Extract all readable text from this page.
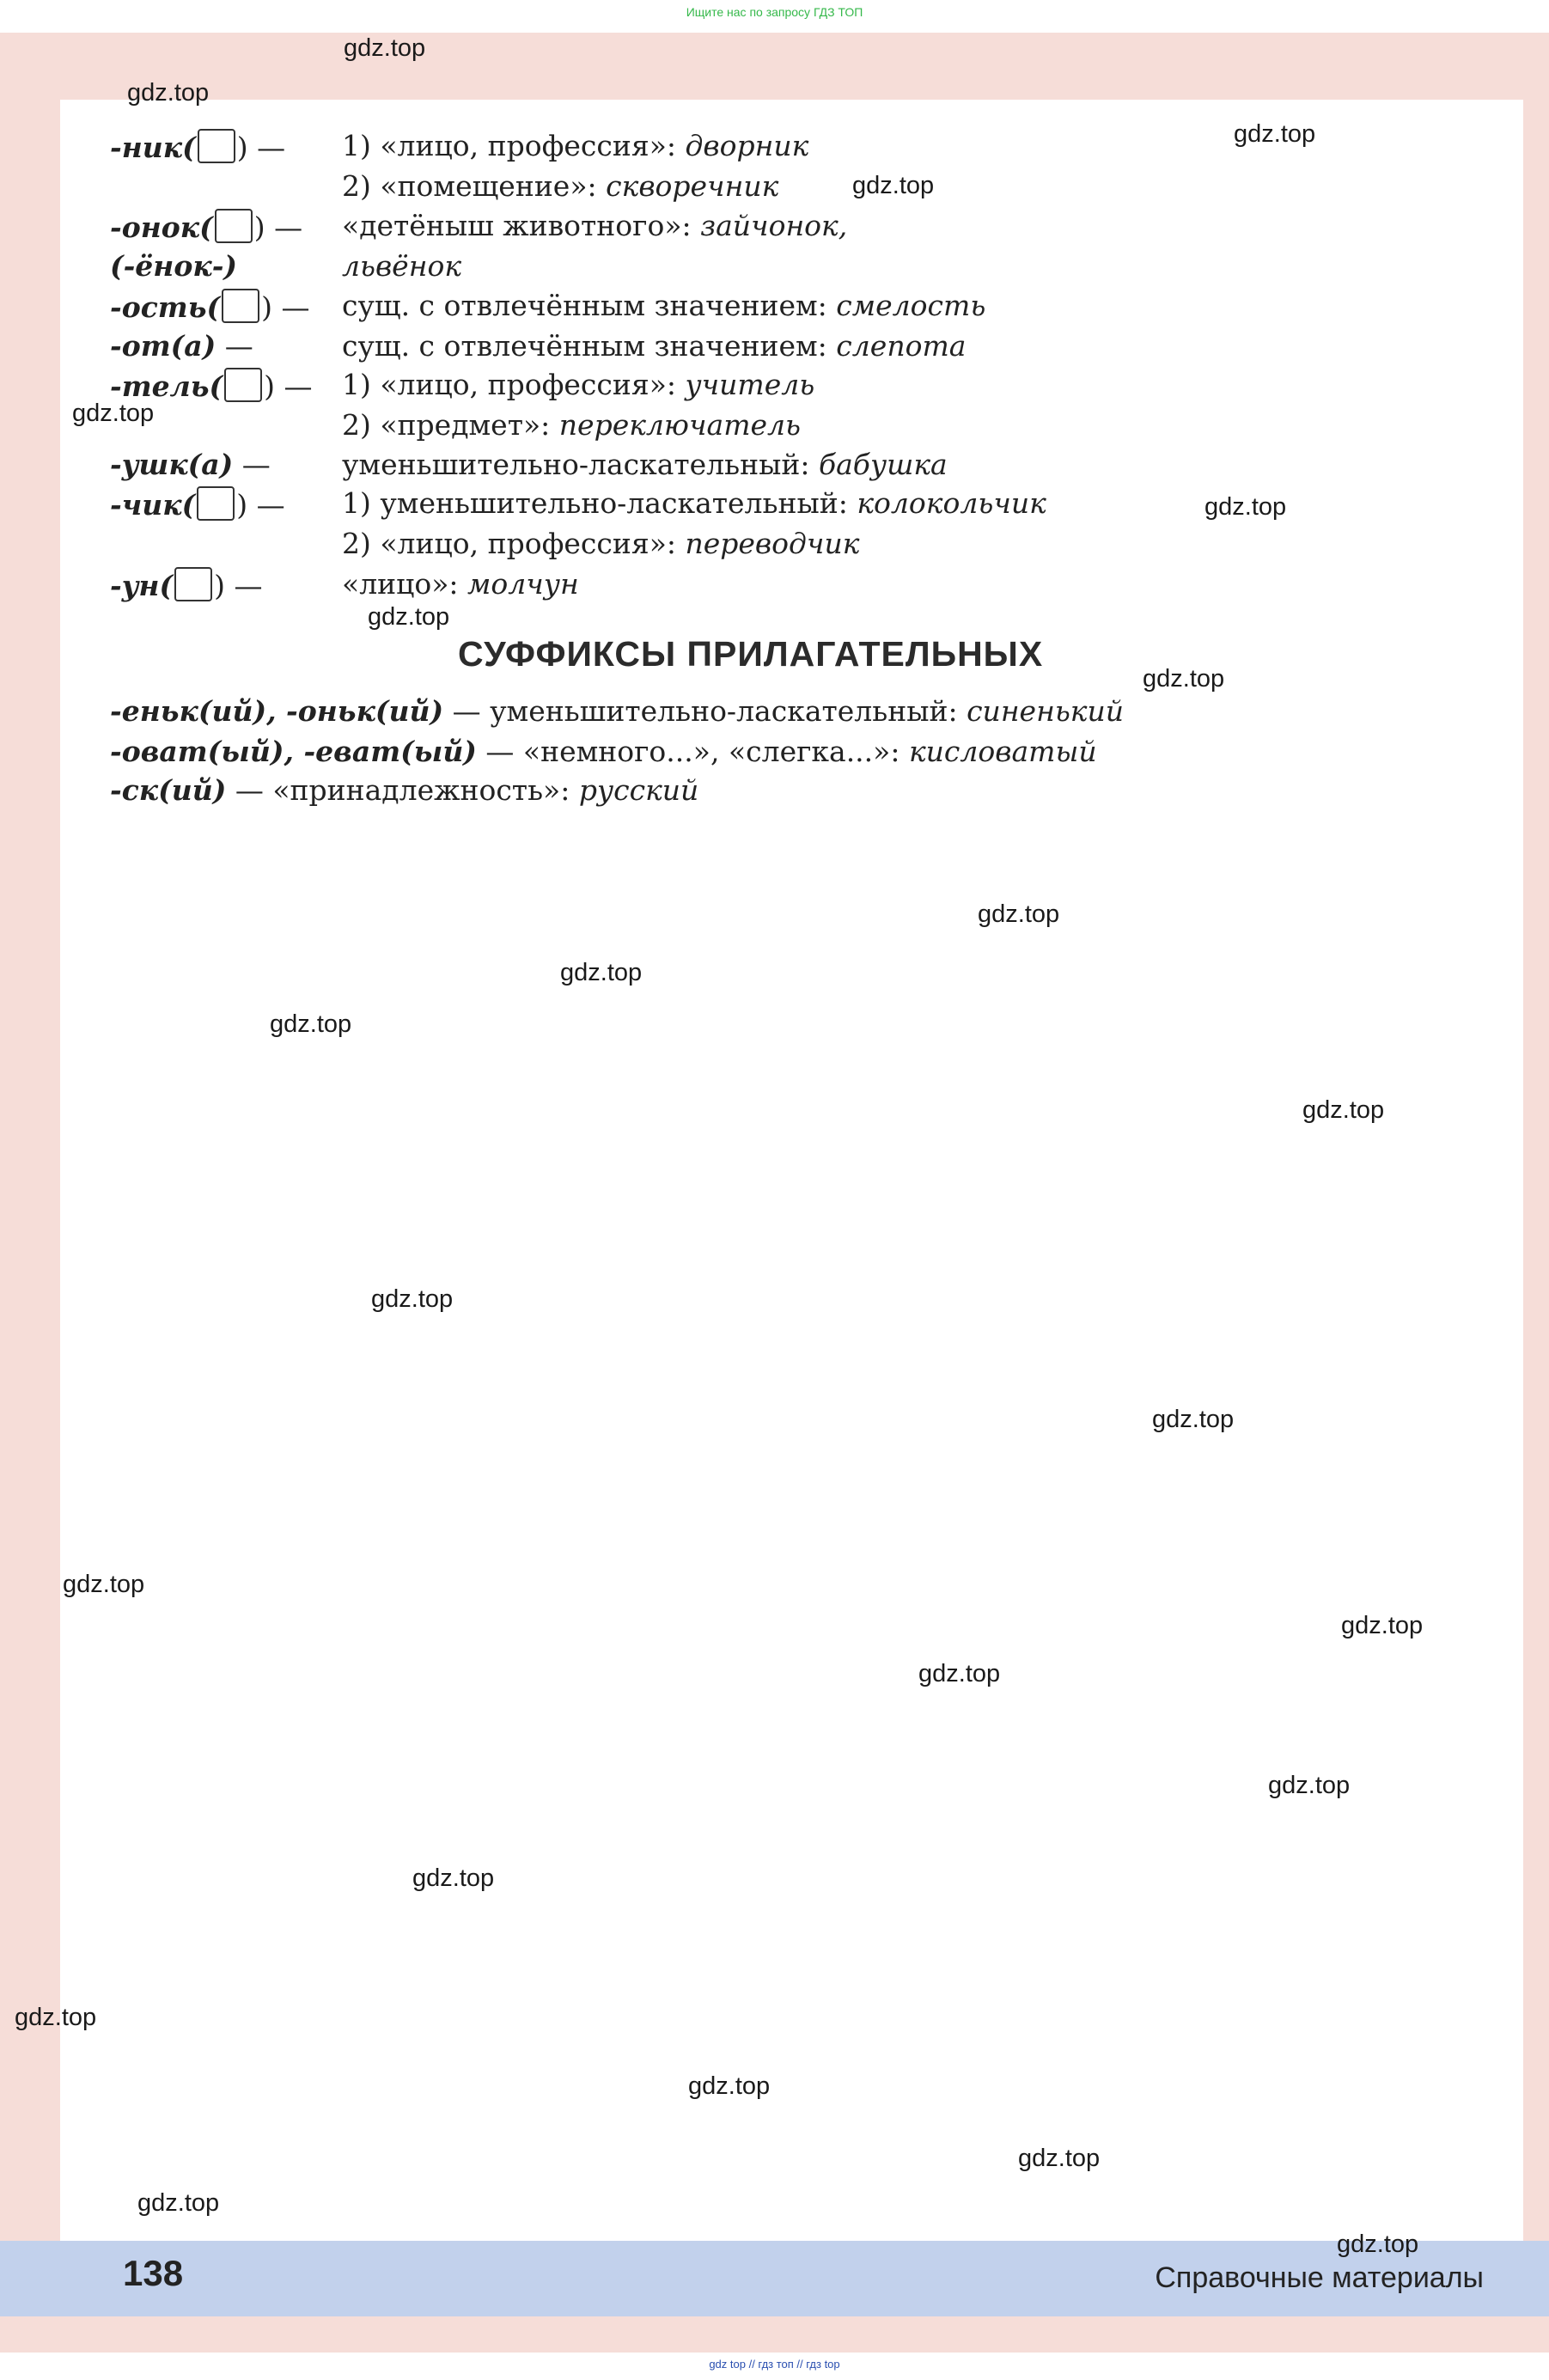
Ищите нас по запросу ГДЗ ТОП
-ник( ) — 1) «лицо, профессия»: дворник
2) «помещение»: скворечник
-онок( ) — «детёныш животного»: зайчонок,
(-ёнок-)	львёнок
-ость( ) — сущ. с отвлечённым значением: смелость
-от(а) —	сущ. с отвлечённым значением: слепота
-тель( ) — 1) «лицо, профессия»: учитель
2) «предмет»: переключатель
-ушк(а) —	уменьшительно-ласкательный: бабушка
-чик( ) — 1) уменьшительно-ласкательный: колокольчик
2) «лицо, профессия»: переводчик
-ун( ) —	«лицо»: молчун
СУФФИКСЫ ПРИЛАГАТЕЛЬНЫХ
-еньк(ий), -оньк(ий) — уменьшительно-ласкательный: синенький
-оват(ый), -еват(ый) — «немного...», «слегка...»: кисловатый
-ск(ий) — «принадлежность»: русский
138	Справочные материалы
gdz top // гдз топ // гдз top
gdz.top
gdz.top
gdz.top
gdz.top
gdz.top
gdz.top
gdz.top
gdz.top
gdz.top
gdz.top
gdz.top
gdz.top
gdz.top
gdz.top
gdz.top
gdz.top
gdz.top
gdz.top
gdz.top
gdz.top
gdz.top
gdz.top
gdz.top
gdz.top
